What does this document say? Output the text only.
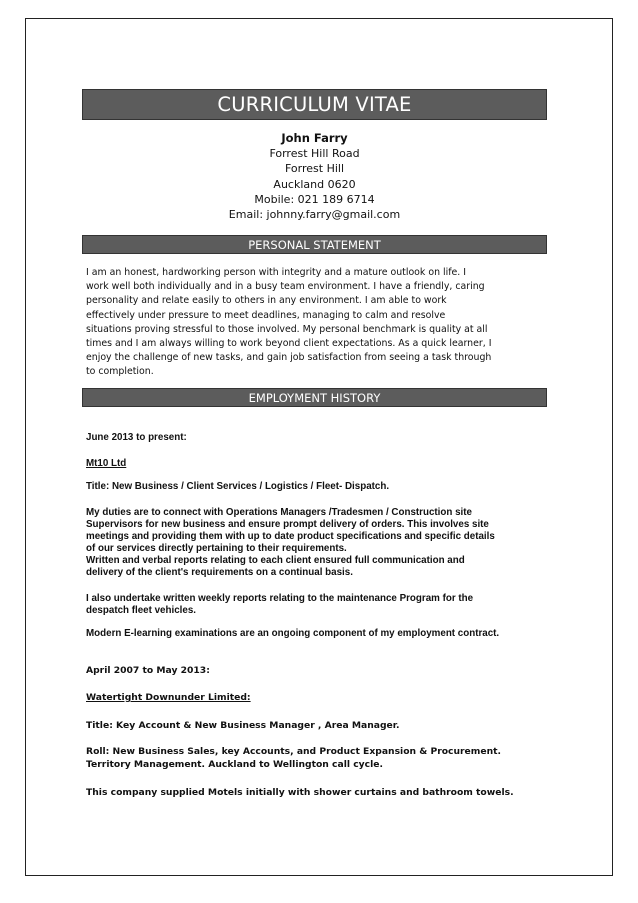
CURRICULUM VITAE
John Farry
Forrest Hill Road
Forrest Hill
Auckland 0620
Mobile: 021 189 6714
Email: johnny.farry@gmail.com
PERSONAL STATEMENT
I am an honest, hardworking person with integrity and a mature outlook on life. I
work well both individually and in a busy team environment. I have a friendly, caring
personality and relate easily to others in any environment. I am able to work
effectively under pressure to meet deadlines, managing to calm and resolve
situations proving stressful to those involved. My personal benchmark is quality at all
times and I am always willing to work beyond client expectations. As a quick learner, I
enjoy the challenge of new tasks, and gain job satisfaction from seeing a task through
to completion.
EMPLOYMENT HISTORY
June 2013 to present:
Mt10 Ltd
Title: New Business / Client Services / Logistics / Fleet- Dispatch.
My duties are to connect with Operations Managers /Tradesmen / Construction site
Supervisors for new business and ensure prompt delivery of orders. This involves site
meetings and providing them with up to date product specifications and specific details
of our services directly pertaining to their requirements.
Written and verbal reports relating to each client ensured full communication and
delivery of the client's requirements on a continual basis.
I also undertake written weekly reports relating to the maintenance Program for the
despatch fleet vehicles.
Modern E-learning examinations are an ongoing component of my employment contract.
April 2007 to May 2013:
Watertight Downunder Limited:
Title: Key Account & New Business Manager , Area Manager.
Roll: New Business Sales, key Accounts, and Product Expansion & Procurement.
Territory Management. Auckland to Wellington call cycle.
This company supplied Motels initially with shower curtains and bathroom towels.
